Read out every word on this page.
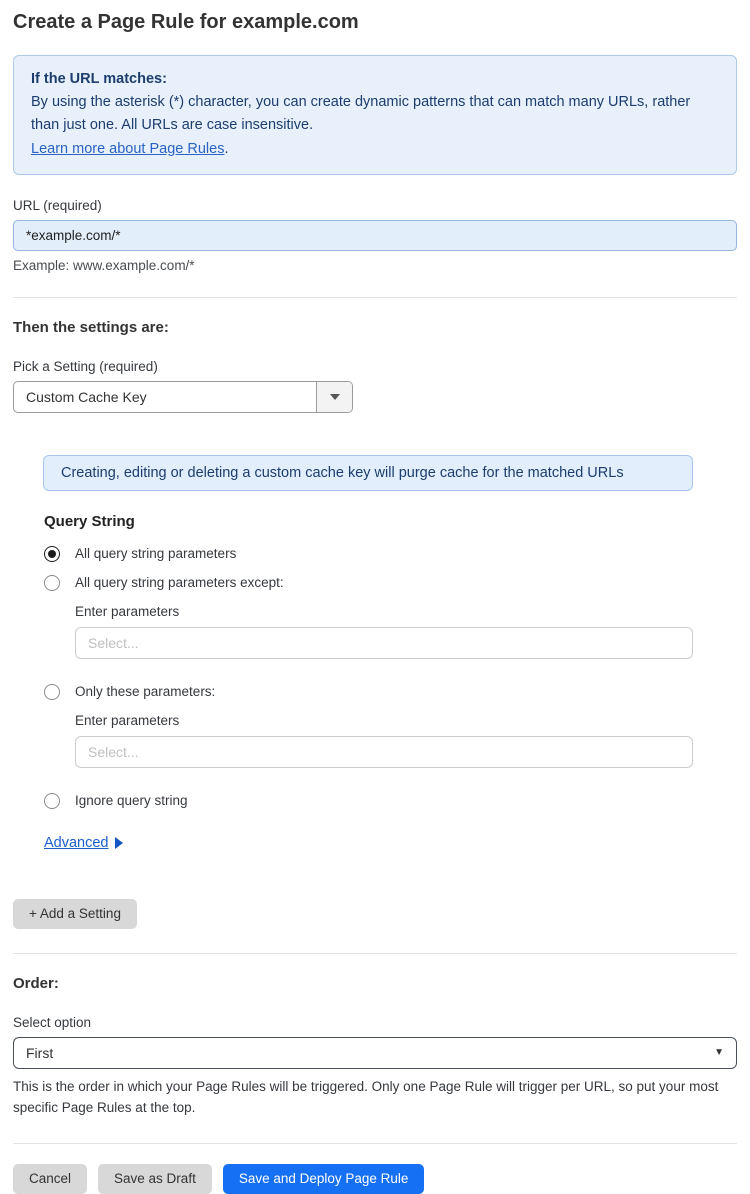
Create a Page Rule for example.com
If the URL matches:
By using the asterisk (*) character, you can create dynamic patterns that can match many URLs, rather than just one. All URLs are case insensitive.
Learn more about Page Rules.
URL (required)
*example.com/*
Example: www.example.com/*
Then the settings are:
Pick a Setting (required)
Custom Cache Key
Creating, editing or deleting a custom cache key will purge cache for the matched URLs
Query String
All query string parameters
All query string parameters except:
Enter parameters
Select...
Only these parameters:
Enter parameters
Select...
Ignore query string
Advanced
+ Add a Setting
Order:
Select option
First	▼
This is the order in which your Page Rules will be triggered. Only one Page Rule will trigger per URL, so put your most specific Page Rules at the top.
Cancel	Save as Draft	Save and Deploy Page Rule
